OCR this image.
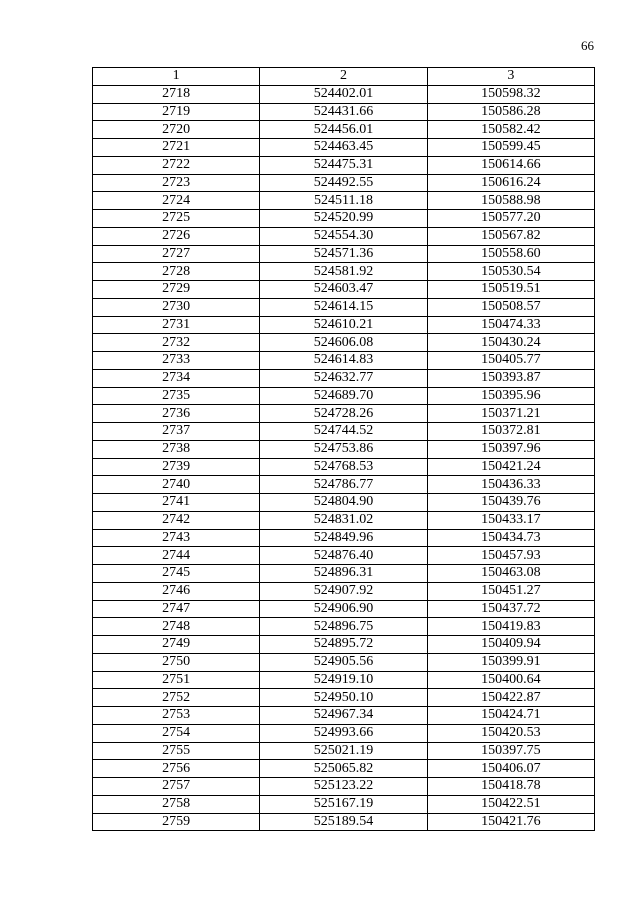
66
1	2	3
2718	524402.01	150598.32
2719	524431.66	150586.28
2720	524456.01	150582.42
2721	524463.45	150599.45
2722	524475.31	150614.66
2723	524492.55	150616.24
2724	524511.18	150588.98
2725	524520.99	150577.20
2726	524554.30	150567.82
2727	524571.36	150558.60
2728	524581.92	150530.54
2729	524603.47	150519.51
2730	524614.15	150508.57
2731	524610.21	150474.33
2732	524606.08	150430.24
2733	524614.83	150405.77
2734	524632.77	150393.87
2735	524689.70	150395.96
2736	524728.26	150371.21
2737	524744.52	150372.81
2738	524753.86	150397.96
2739	524768.53	150421.24
2740	524786.77	150436.33
2741	524804.90	150439.76
2742	524831.02	150433.17
2743	524849.96	150434.73
2744	524876.40	150457.93
2745	524896.31	150463.08
2746	524907.92	150451.27
2747	524906.90	150437.72
2748	524896.75	150419.83
2749	524895.72	150409.94
2750	524905.56	150399.91
2751	524919.10	150400.64
2752	524950.10	150422.87
2753	524967.34	150424.71
2754	524993.66	150420.53
2755	525021.19	150397.75
2756	525065.82	150406.07
2757	525123.22	150418.78
2758	525167.19	150422.51
2759	525189.54	150421.76
